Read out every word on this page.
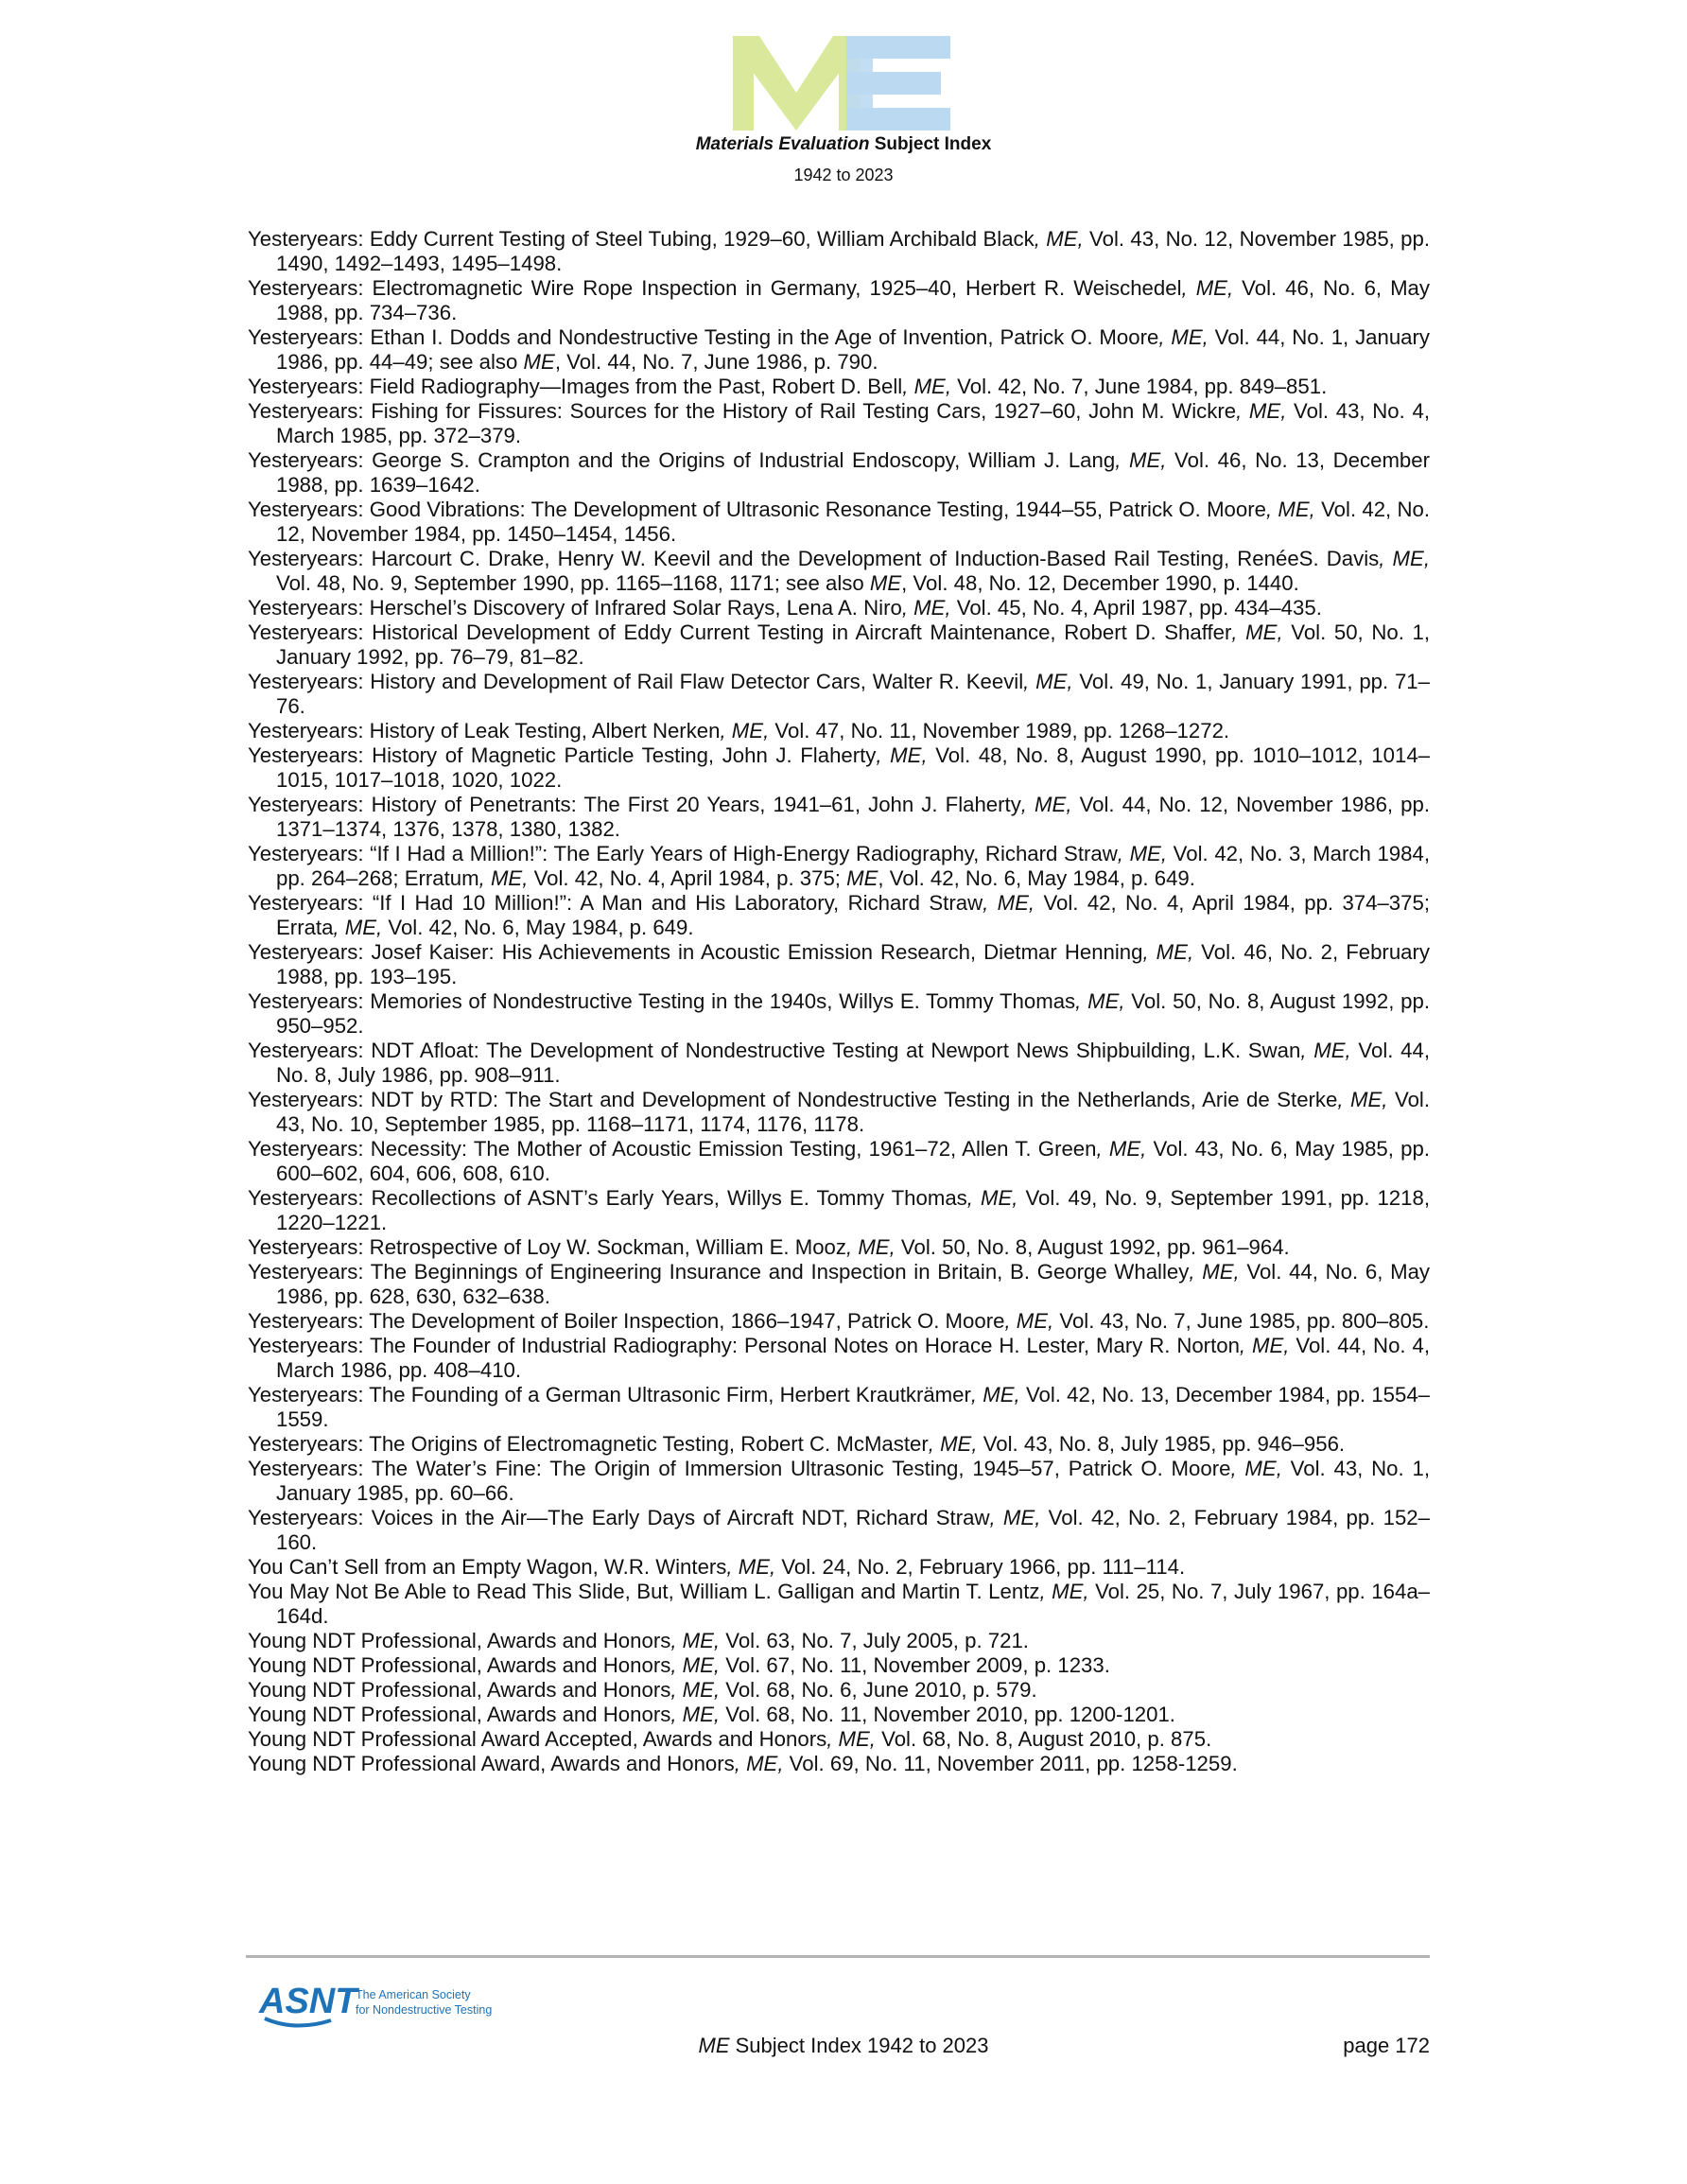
Materials Evaluation Subject Index
1942 to 2023

Yesteryears: Eddy Current Testing of Steel Tubing, 1929–60, William Archibald Black, ME, Vol. 43, No. 12, November 1985, pp. 1490, 1492–1493, 1495–1498.

Yesteryears: Electromagnetic Wire Rope Inspection in Germany, 1925–40, Herbert R. Weischedel, ME, Vol. 46, No. 6, May 1988, pp. 734–736.

Yesteryears: Ethan I. Dodds and Nondestructive Testing in the Age of Invention, Patrick O. Moore, ME, Vol. 44, No. 1, January 1986, pp. 44–49; see also ME, Vol. 44, No. 7, June 1986, p. 790.

Yesteryears: Field Radiography—Images from the Past, Robert D. Bell, ME, Vol. 42, No. 7, June 1984, pp. 849–851.

Yesteryears: Fishing for Fissures: Sources for the History of Rail Testing Cars, 1927–60, John M. Wickre, ME, Vol. 43, No. 4, March 1985, pp. 372–379.

Yesteryears: George S. Crampton and the Origins of Industrial Endoscopy, William J. Lang, ME, Vol. 46, No. 13, December 1988, pp. 1639–1642.

Yesteryears: Good Vibrations: The Development of Ultrasonic Resonance Testing, 1944–55, Patrick O. Moore, ME, Vol. 42, No. 12, November 1984, pp. 1450–1454, 1456.

Yesteryears: Harcourt C. Drake, Henry W. Keevil and the Development of Induction-Based Rail Testing, RenéeS. Davis, ME, Vol. 48, No. 9, September 1990, pp. 1165–1168, 1171; see also ME, Vol. 48, No. 12, December 1990, p. 1440.

Yesteryears: Herschel’s Discovery of Infrared Solar Rays, Lena A. Niro, ME, Vol. 45, No. 4, April 1987, pp. 434–435.

Yesteryears: Historical Development of Eddy Current Testing in Aircraft Maintenance, Robert D. Shaffer, ME, Vol. 50, No. 1, January 1992, pp. 76–79, 81–82.

Yesteryears: History and Development of Rail Flaw Detector Cars, Walter R. Keevil, ME, Vol. 49, No. 1, January 1991, pp. 71–76.

Yesteryears: History of Leak Testing, Albert Nerken, ME, Vol. 47, No. 11, November 1989, pp. 1268–1272.

Yesteryears: History of Magnetic Particle Testing, John J. Flaherty, ME, Vol. 48, No. 8, August 1990, pp. 1010–1012, 1014–1015, 1017–1018, 1020, 1022.

Yesteryears: History of Penetrants: The First 20 Years, 1941–61, John J. Flaherty, ME, Vol. 44, No. 12, November 1986, pp. 1371–1374, 1376, 1378, 1380, 1382.

Yesteryears: “If I Had a Million!”: The Early Years of High-Energy Radiography, Richard Straw, ME, Vol. 42, No. 3, March 1984, pp. 264–268; Erratum, ME, Vol. 42, No. 4, April 1984, p. 375; ME, Vol. 42, No. 6, May 1984, p. 649.

Yesteryears: “If I Had 10 Million!”: A Man and His Laboratory, Richard Straw, ME, Vol. 42, No. 4, April 1984, pp. 374–375; Errata, ME, Vol. 42, No. 6, May 1984, p. 649.

Yesteryears: Josef Kaiser: His Achievements in Acoustic Emission Research, Dietmar Henning, ME, Vol. 46, No. 2, February 1988, pp. 193–195.

Yesteryears: Memories of Nondestructive Testing in the 1940s, Willys E. Tommy Thomas, ME, Vol. 50, No. 8, August 1992, pp. 950–952.

Yesteryears: NDT Afloat: The Development of Nondestructive Testing at Newport News Shipbuilding, L.K. Swan, ME, Vol. 44, No. 8, July 1986, pp. 908–911.

Yesteryears: NDT by RTD: The Start and Development of Nondestructive Testing in the Netherlands, Arie de Sterke, ME, Vol. 43, No. 10, September 1985, pp. 1168–1171, 1174, 1176, 1178.

Yesteryears: Necessity: The Mother of Acoustic Emission Testing, 1961–72, Allen T. Green, ME, Vol. 43, No. 6, May 1985, pp. 600–602, 604, 606, 608, 610.

Yesteryears: Recollections of ASNT’s Early Years, Willys E. Tommy Thomas, ME, Vol. 49, No. 9, September 1991, pp. 1218, 1220–1221.

Yesteryears: Retrospective of Loy W. Sockman, William E. Mooz, ME, Vol. 50, No. 8, August 1992, pp. 961–964.

Yesteryears: The Beginnings of Engineering Insurance and Inspection in Britain, B. George Whalley, ME, Vol. 44, No. 6, May 1986, pp. 628, 630, 632–638.

Yesteryears: The Development of Boiler Inspection, 1866–1947, Patrick O. Moore, ME, Vol. 43, No. 7, June 1985, pp. 800–805.

Yesteryears: The Founder of Industrial Radiography: Personal Notes on Horace H. Lester, Mary R. Norton, ME, Vol. 44, No. 4, March 1986, pp. 408–410.

Yesteryears: The Founding of a German Ultrasonic Firm, Herbert Krautkrämer, ME, Vol. 42, No. 13, December 1984, pp. 1554–1559.

Yesteryears: The Origins of Electromagnetic Testing, Robert C. McMaster, ME, Vol. 43, No. 8, July 1985, pp. 946–956.

Yesteryears: The Water’s Fine: The Origin of Immersion Ultrasonic Testing, 1945–57, Patrick O. Moore, ME, Vol. 43, No. 1, January 1985, pp. 60–66.

Yesteryears: Voices in the Air—The Early Days of Aircraft NDT, Richard Straw, ME, Vol. 42, No. 2, February 1984, pp. 152–160.

You Can’t Sell from an Empty Wagon, W.R. Winters, ME, Vol. 24, No. 2, February 1966, pp. 111–114.

You May Not Be Able to Read This Slide, But, William L. Galligan and Martin T. Lentz, ME, Vol. 25, No. 7, July 1967, pp. 164a–164d.

Young NDT Professional, Awards and Honors, ME, Vol. 63, No. 7, July 2005, p. 721.

Young NDT Professional, Awards and Honors, ME, Vol. 67, No. 11, November 2009, p. 1233.

Young NDT Professional, Awards and Honors, ME, Vol. 68, No. 6, June 2010, p. 579.

Young NDT Professional, Awards and Honors, ME, Vol. 68, No. 11, November 2010, pp. 1200-1201.

Young NDT Professional Award Accepted, Awards and Honors, ME, Vol. 68, No. 8, August 2010, p. 875.

Young NDT Professional Award, Awards and Honors, ME, Vol. 69, No. 11, November 2011, pp. 1258-1259.

ASNT
The American Society
for Nondestructive Testing
ME Subject Index 1942 to 2023	page 172
